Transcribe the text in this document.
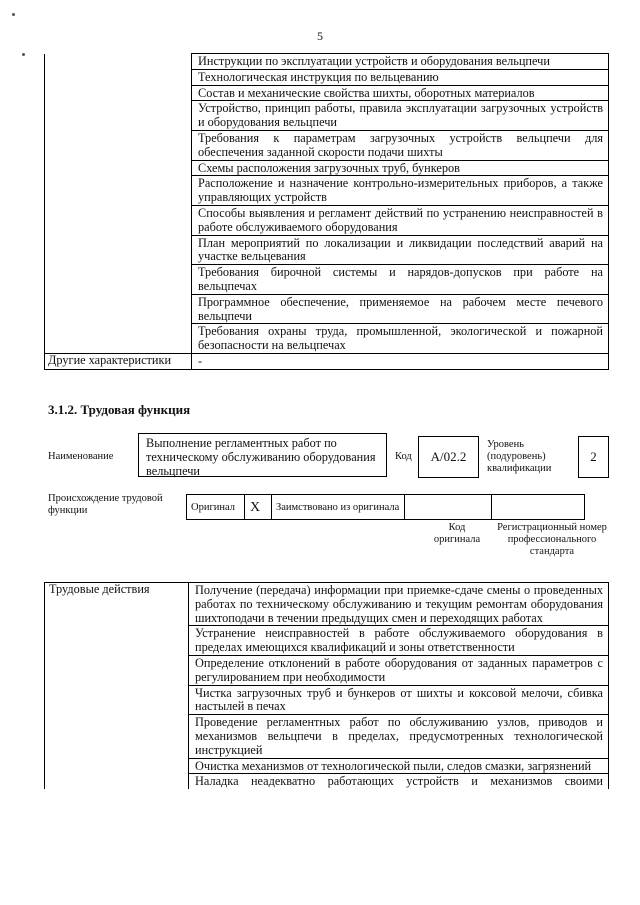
5
	Инструкции по эксплуатации устройств и оборудования вельцпечи
	Технологическая инструкция по вельцеванию
	Состав и механические свойства шихты, оборотных материалов
	Устройство, принцип работы, правила эксплуатации загрузочных устройств и оборудования вельцпечи
	Требования к параметрам загрузочных устройств вельцпечи для обеспечения заданной скорости подачи шихты
	Схемы расположения загрузочных труб, бункеров
	Расположение и назначение контрольно-измерительных приборов, а также управляющих устройств
	Способы выявления и регламент действий по устранению неисправностей в работе обслуживаемого оборудования
	План мероприятий по локализации и ликвидации последствий аварий на участке вельцевания
	Требования бирочной системы и нарядов-допусков при работе на вельцпечах
	Программное обеспечение, применяемое на рабочем месте печевого вельцпечи
	Требования охраны труда, промышленной, экологической и пожарной безопасности на вельцпечах
Другие характеристики	-
3.1.2. Трудовая функция
Наименование
Выполнение регламентных работ по техническому обслуживанию оборудования вельцпечи
Код	А/02.2
Уровень (подуровень) квалификации
2
Происхождение трудовой функции	Оригинал	X	Заимствовано из оригинала		
Код оригинала
Регистрационный номер профессионального стандарта
Трудовые действия	Получение (передача) информации при приемке-сдаче смены о проведенных работах по техническому обслуживанию и текущим ремонтам оборудования шихтоподачи в течении предыдущих смен и переходящих работах
Устранение неисправностей в работе обслуживаемого оборудования в пределах имеющихся квалификаций и зоны ответственности
Определение отклонений в работе оборудования от заданных параметров с регулированием при необходимости
Чистка загрузочных труб и бункеров от шихты и коксовой мелочи, сбивка настылей в печах
Проведение регламентных работ по обслуживанию узлов, приводов и механизмов вельцпечи в пределах, предусмотренных технологической инструкцией
Очистка механизмов от технологической пыли, следов смазки, загрязнений
Наладка неадекватно работающих устройств и механизмов своими
